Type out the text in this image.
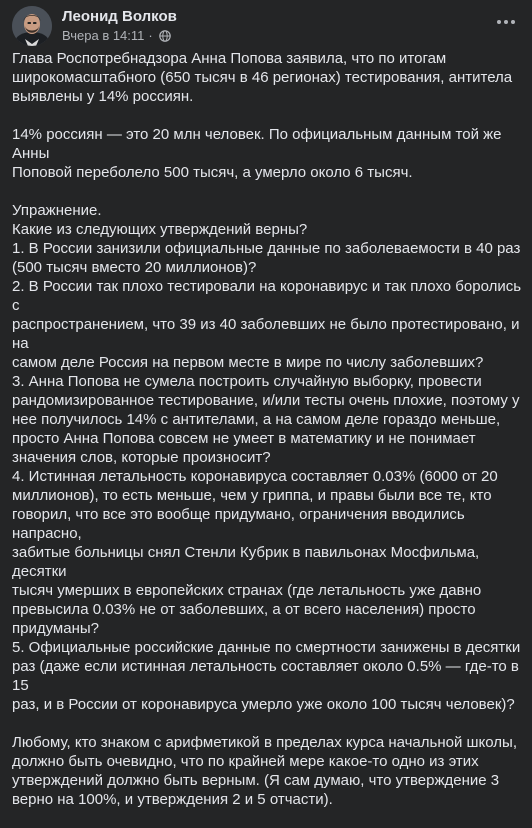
Леонид Волков
Вчера в 14:11 ·

Глава Роспотребнадзора Анна Попова заявила, что по итогам
широкомасштабного (650 тысяч в 46 регионах) тестирования, антитела
выявлены у 14% россиян.

14% россиян — это 20 млн человек. По официальным данным той же Анны
Поповой переболело 500 тысяч, а умерло около 6 тысяч.

Упражнение.
Какие из следующих утверждений верны?
1. В России занизили официальные данные по заболеваемости в 40 раз
(500 тысяч вместо 20 миллионов)?
2. В России так плохо тестировали на коронавирус и так плохо боролись с
распространением, что 39 из 40 заболевших не было протестировано, и на
самом деле Россия на первом месте в мире по числу заболевших?
3. Анна Попова не сумела построить случайную выборку, провести
рандомизированное тестирование, и/или тесты очень плохие, поэтому у
нее получилось 14% с антителами, а на самом деле гораздо меньше,
просто Анна Попова совсем не умеет в математику и не понимает
значения слов, которые произносит?
4. Истинная летальность коронавируса составляет 0.03% (6000 от 20
миллионов), то есть меньше, чем у гриппа, и правы были все те, кто
говорил, что все это вообще придумано, ограничения вводились напрасно,
забитые больницы снял Стенли Кубрик в павильонах Мосфильма, десятки
тысяч умерших в европейских странах (где летальность уже давно
превысила 0.03% не от заболевших, а от всего населения) просто
придуманы?
5. Официальные российские данные по смертности занижены в десятки
раз (даже если истинная летальность составляет около 0.5% — где-то в 15
раз, и в России от коронавируса умерло уже около 100 тысяч человек)?

Любому, кто знаком с арифметикой в пределах курса начальной школы,
должно быть очевидно, что по крайней мере какое-то одно из этих
утверждений должно быть верным. (Я сам думаю, что утверждение 3
верно на 100%, и утверждения 2 и 5 отчасти).
